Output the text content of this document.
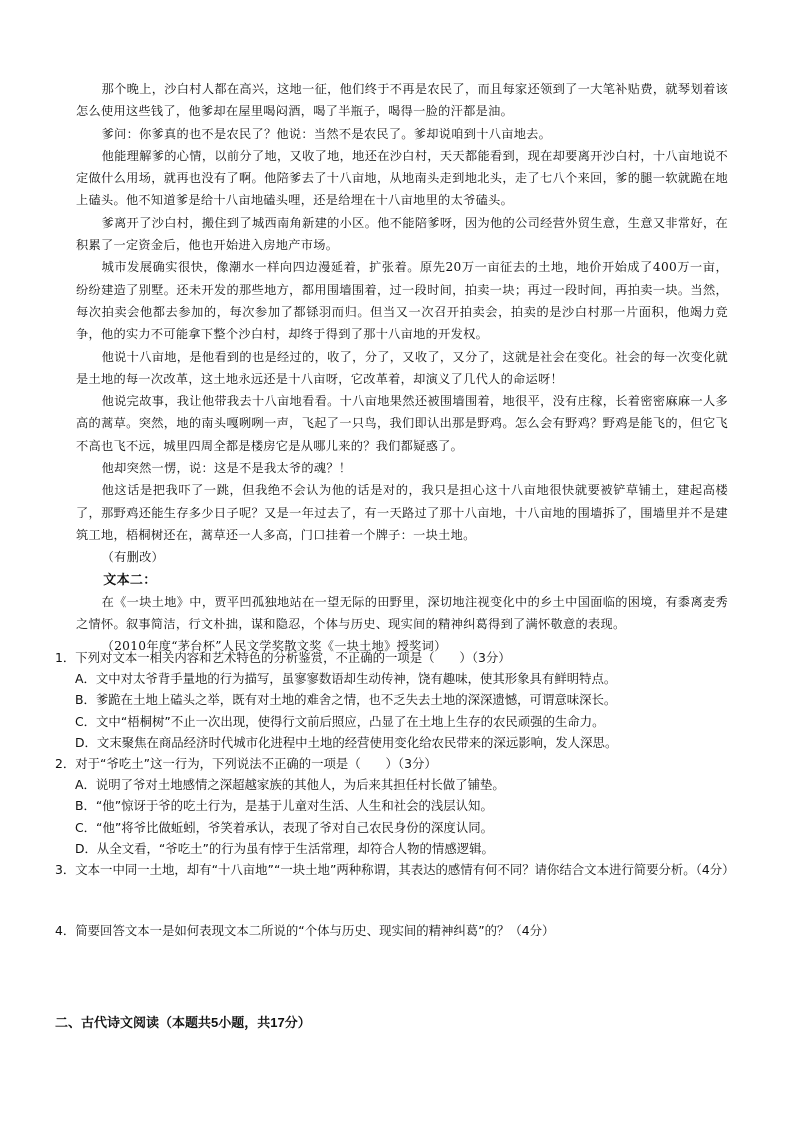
那个晚上，沙白村人都在高兴，这地一征，他们终于不再是农民了，而且每家还领到了一大笔补贴费，就琴划着该怎么使用这些钱了，他爹却在屋里喝闷酒，喝了半瓶子，喝得一脸的汗都是油。

爹问：你爹真的也不是农民了？他说：当然不是农民了。爹却说咱到十八亩地去。

他能理解爹的心情，以前分了地，又收了地，地还在沙白村，天天都能看到，现在却要离开沙白村，十八亩地说不定做什么用场，就再也没有了啊。他陪爹去了十八亩地，从地南头走到地北头，走了七八个来回，爹的腿一软就跪在地上磕头。他不知道爹是给十八亩地磕头哩，还是给埋在十八亩地里的太爷磕头。

爹离开了沙白村，搬住到了城西南角新建的小区。他不能陪爹呀，因为他的公司经营外贸生意，生意又非常好，在积累了一定资金后，他也开始进入房地产市场。

城市发展确实很快，像潮水一样向四边漫延着，扩张着。原先20万一亩征去的土地，地价开始成了400万一亩，纷纷建造了别墅。还未开发的那些地方，都用围墙围着，过一段时间，拍卖一块；再过一段时间，再拍卖一块。当然，每次拍卖会他都去参加的，每次参加了都铩羽而归。但当又一次召开拍卖会，拍卖的是沙白村那一片面积，他竭力竞争，他的实力不可能拿下整个沙白村，却终于得到了那十八亩地的开发权。

他说十八亩地，是他看到的也是经过的，收了，分了，又收了，又分了，这就是社会在变化。社会的每一次变化就是土地的每一次改革，这土地永远还是十八亩呀，它改革着，却演义了几代人的命运呀！

他说完故事，我让他带我去十八亩地看看。十八亩地果然还被围墙围着，地很平，没有庄稼，长着密密麻麻一人多高的蒿草。突然，地的南头嘎咧咧一声，飞起了一只鸟，我们即认出那是野鸡。怎么会有野鸡？野鸡是能飞的，但它飞不高也飞不远，城里四周全都是楼房它是从哪儿来的？我们都疑惑了。

他却突然一愣，说：这是不是我太爷的魂？！

他这话是把我吓了一跳，但我绝不会认为他的话是对的，我只是担心这十八亩地很快就要被铲草铺土，建起高楼了，那野鸡还能生存多少日子呢？又是一年过去了，有一天路过了那十八亩地，十八亩地的围墙拆了，围墙里并不是建筑工地，梧桐树还在，蒿草还一人多高，门口挂着一个牌子：一块土地。

（有删改）

文本二：

在《一块土地》中，贾平凹孤独地站在一望无际的田野里，深切地注视变化中的乡土中国面临的困境，有黍离麦秀之情怀。叙事简洁，行文朴拙，谋和隐忍，个体与历史、现实间的精神纠葛得到了满怀敬意的表现。

（2010年度“茅台杯”人民文学奖散文奖《一块土地》授奖词）

1．下列对文本一相关内容和艺术特色的分析鉴赏，不正确的一项是（　　）（3分）

A．文中对太爷背手量地的行为描写，虽寥寥数语却生动传神，饶有趣味，使其形象具有鲜明特点。

B．爹跪在土地上磕头之举，既有对土地的难舍之情，也不乏失去土地的深深遗憾，可谓意味深长。

C．文中“梧桐树”不止一次出现，使得行文前后照应，凸显了在土地上生存的农民顽强的生命力。

D．文末聚焦在商品经济时代城市化进程中土地的经营使用变化给农民带来的深远影响，发人深思。

2．对于“爷吃土”这一行为，下列说法不正确的一项是（　　）（3分）

A．说明了爷对土地感情之深超越家族的其他人，为后来其担任村长做了铺垫。

B．“他”惊讶于爷的吃土行为，是基于儿童对生活、人生和社会的浅层认知。

C．“他”将爷比做蚯蚓，爷笑着承认，表现了爷对自己农民身份的深度认同。

D．从全文看，“爷吃土”的行为虽有悖于生活常理，却符合人物的情感逻辑。

3．文本一中同一土地，却有“十八亩地”“一块土地”两种称谓，其表达的感情有何不同？请你结合文本进行简要分析。（4分）

4．简要回答文本一是如何表现文本二所说的“个体与历史、现实间的精神纠葛”的？（4分）

二、古代诗文阅读（本题共5小题，共17分）
